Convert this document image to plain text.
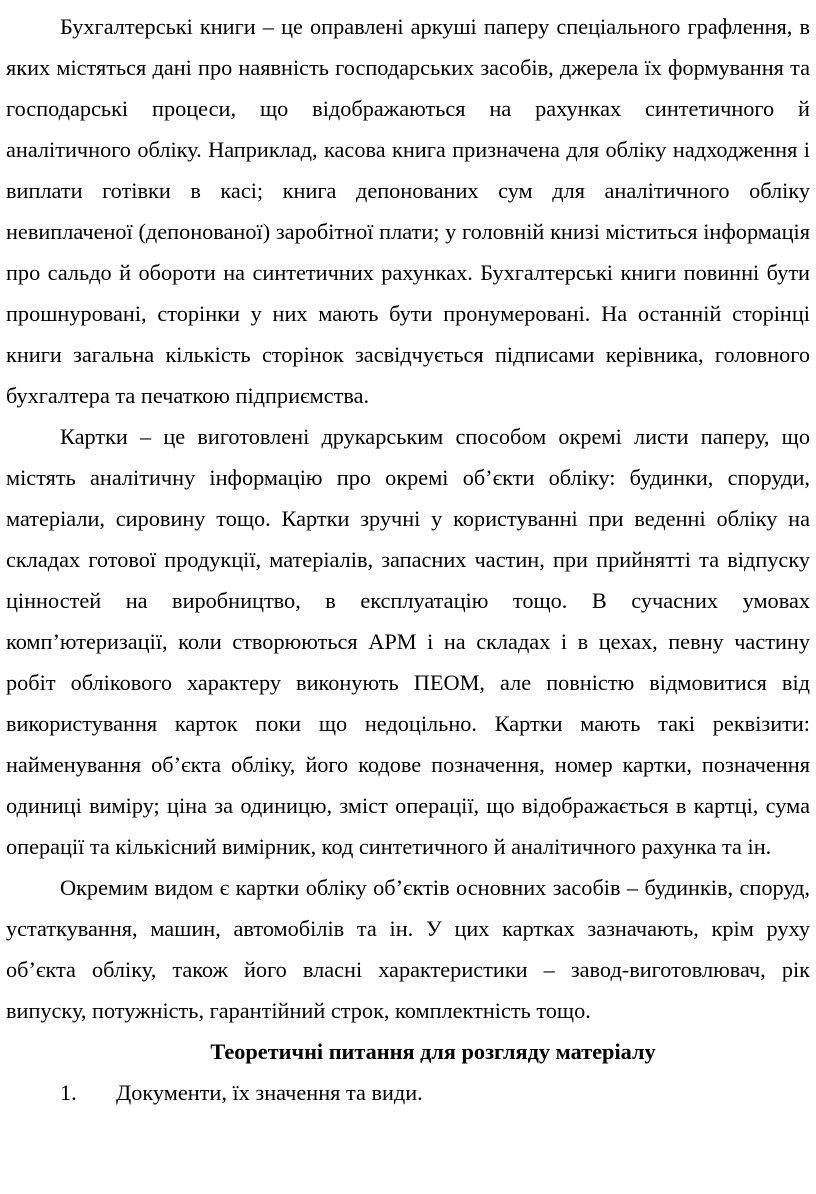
Бухгалтерські книги – це оправлені аркуші паперу спеціального графлення, в яких містяться дані про наявність господарських засобів, джерела їх формування та господарські процеси, що відображаються на рахунках синтетичного й аналітичного обліку. Наприклад, касова книга призначена для обліку надходження і виплати готівки в касі; книга депонованих сум для аналітичного обліку невиплаченої (депонованої) заробітної плати; у головній книзі міститься інформація про сальдо й обороти на синтетичних рахунках. Бухгалтерські книги повинні бути прошнуровані, сторінки у них мають бути пронумеровані. На останній сторінці книги загальна кількість сторінок засвідчується підписами керівника, головного бухгалтера та печаткою підприємства.

Картки – це виготовлені друкарським способом окремі листи паперу, що містять аналітичну інформацію про окремі об’єкти обліку: будинки, споруди, матеріали, сировину тощо. Картки зручні у користуванні при веденні обліку на складах готової продукції, матеріалів, запасних частин, при прийнятті та відпуску цінностей на виробництво, в експлуатацію тощо. В сучасних умовах комп’ютеризації, коли створюються АРМ і на складах і в цехах, певну частину робіт облікового характеру виконують ПЕОМ, але повністю відмовитися від використування карток поки що недоцільно. Картки мають такі реквізити: найменування об’єкта обліку, його кодове позначення, номер картки, позначення одиниці виміру; ціна за одиницю, зміст операції, що відображається в картці, сума операції та кількісний вимірник, код синтетичного й аналітичного рахунка та ін.

Окремим видом є картки обліку об’єктів основних засобів – будинків, споруд, устаткування, машин, автомобілів та ін. У цих картках зазначають, крім руху об’єкта обліку, також його власні характеристики – завод-виготовлювач, рік випуску, потужність, гарантійний строк, комплектність тощо.

Теоретичні питання для розгляду матеріалу

1.	Документи, їх значення та види.
